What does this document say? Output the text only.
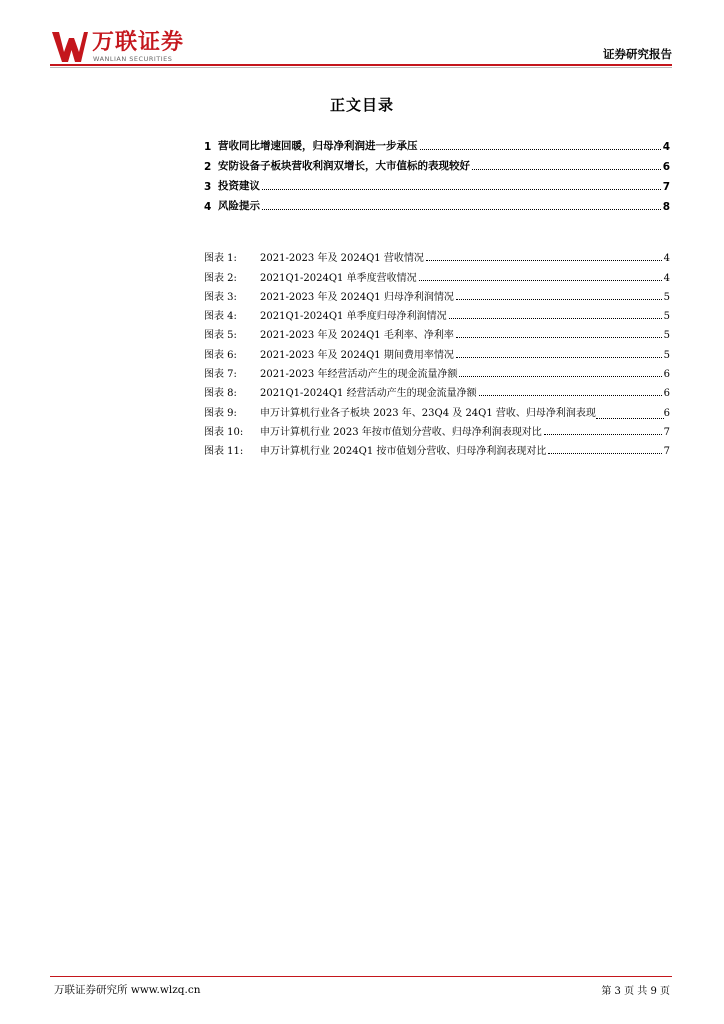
万联证券
WANLIAN SECURITIES	证券研究报告
正文目录
1 营收同比增速回暖，归母净利润进一步承压	4
2 安防设备子板块营收利润双增长，大市值标的表现较好	6
3 投资建议	7
4 风险提示	8
图表 1:	2021-2023 年及 2024Q1 营收情况	4
图表 2:	2021Q1-2024Q1 单季度营收情况	4
图表 3:	2021-2023 年及 2024Q1 归母净利润情况	5
图表 4:	2021Q1-2024Q1 单季度归母净利润情况	5
图表 5:	2021-2023 年及 2024Q1 毛利率、净利率	5
图表 6:	2021-2023 年及 2024Q1 期间费用率情况	5
图表 7:	2021-2023 年经营活动产生的现金流量净额	6
图表 8:	2021Q1-2024Q1 经营活动产生的现金流量净额	6
图表 9:	申万计算机行业各子板块 2023 年、23Q4 及 24Q1 营收、归母净利润表现	6
图表 10:	申万计算机行业 2023 年按市值划分营收、归母净利润表现对比	7
图表 11:	申万计算机行业 2024Q1 按市值划分营收、归母净利润表现对比	7
万联证券研究所 www.wlzq.cn	第 3 页 共 9 页
